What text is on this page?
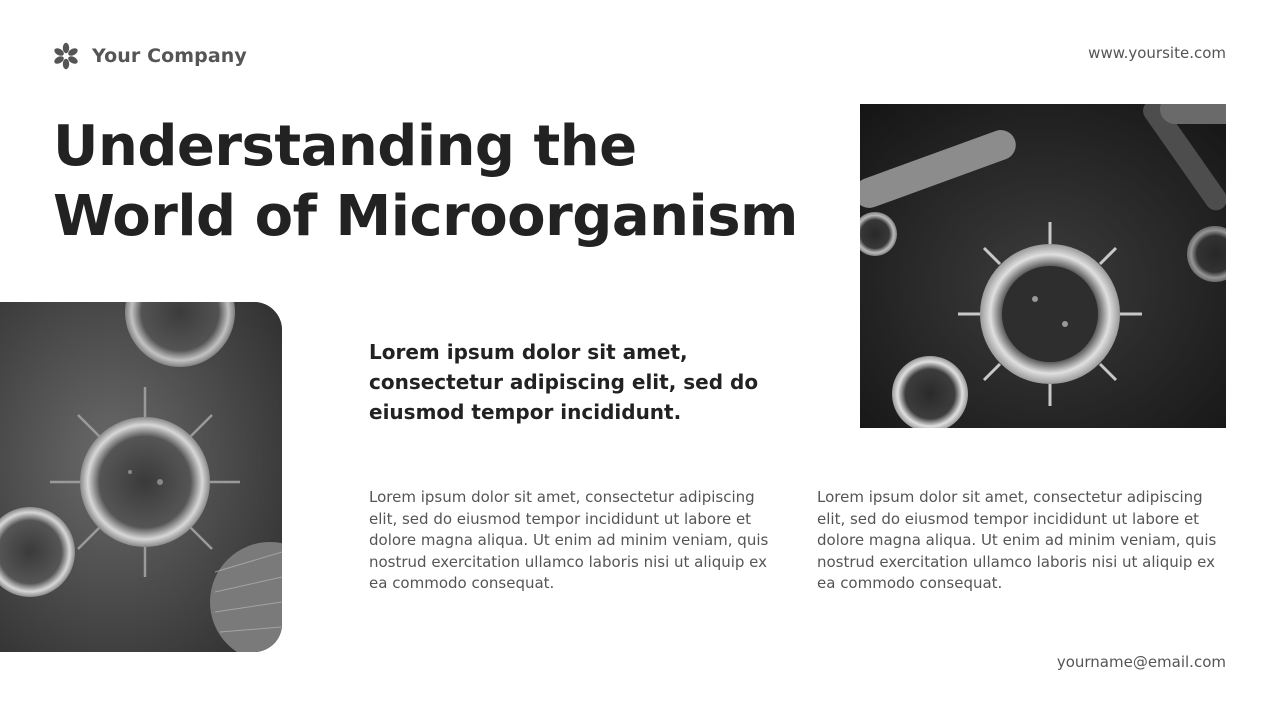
Your Company	www.yoursite.com
Understanding the
World of Microorganism

Lorem ipsum dolor sit amet, consectetur adipiscing elit, sed do eiusmod tempor incididunt.

Lorem ipsum dolor sit amet, consectetur adipiscing elit, sed do eiusmod tempor incididunt ut labore et dolore magna aliqua. Ut enim ad minim veniam, quis nostrud exercitation ullamco laboris nisi ut aliquip ex ea commodo consequat.

Lorem ipsum dolor sit amet, consectetur adipiscing elit, sed do eiusmod tempor incididunt ut labore et dolore magna aliqua. Ut enim ad minim veniam, quis nostrud exercitation ullamco laboris nisi ut aliquip ex ea commodo consequat.

yourname@email.com
